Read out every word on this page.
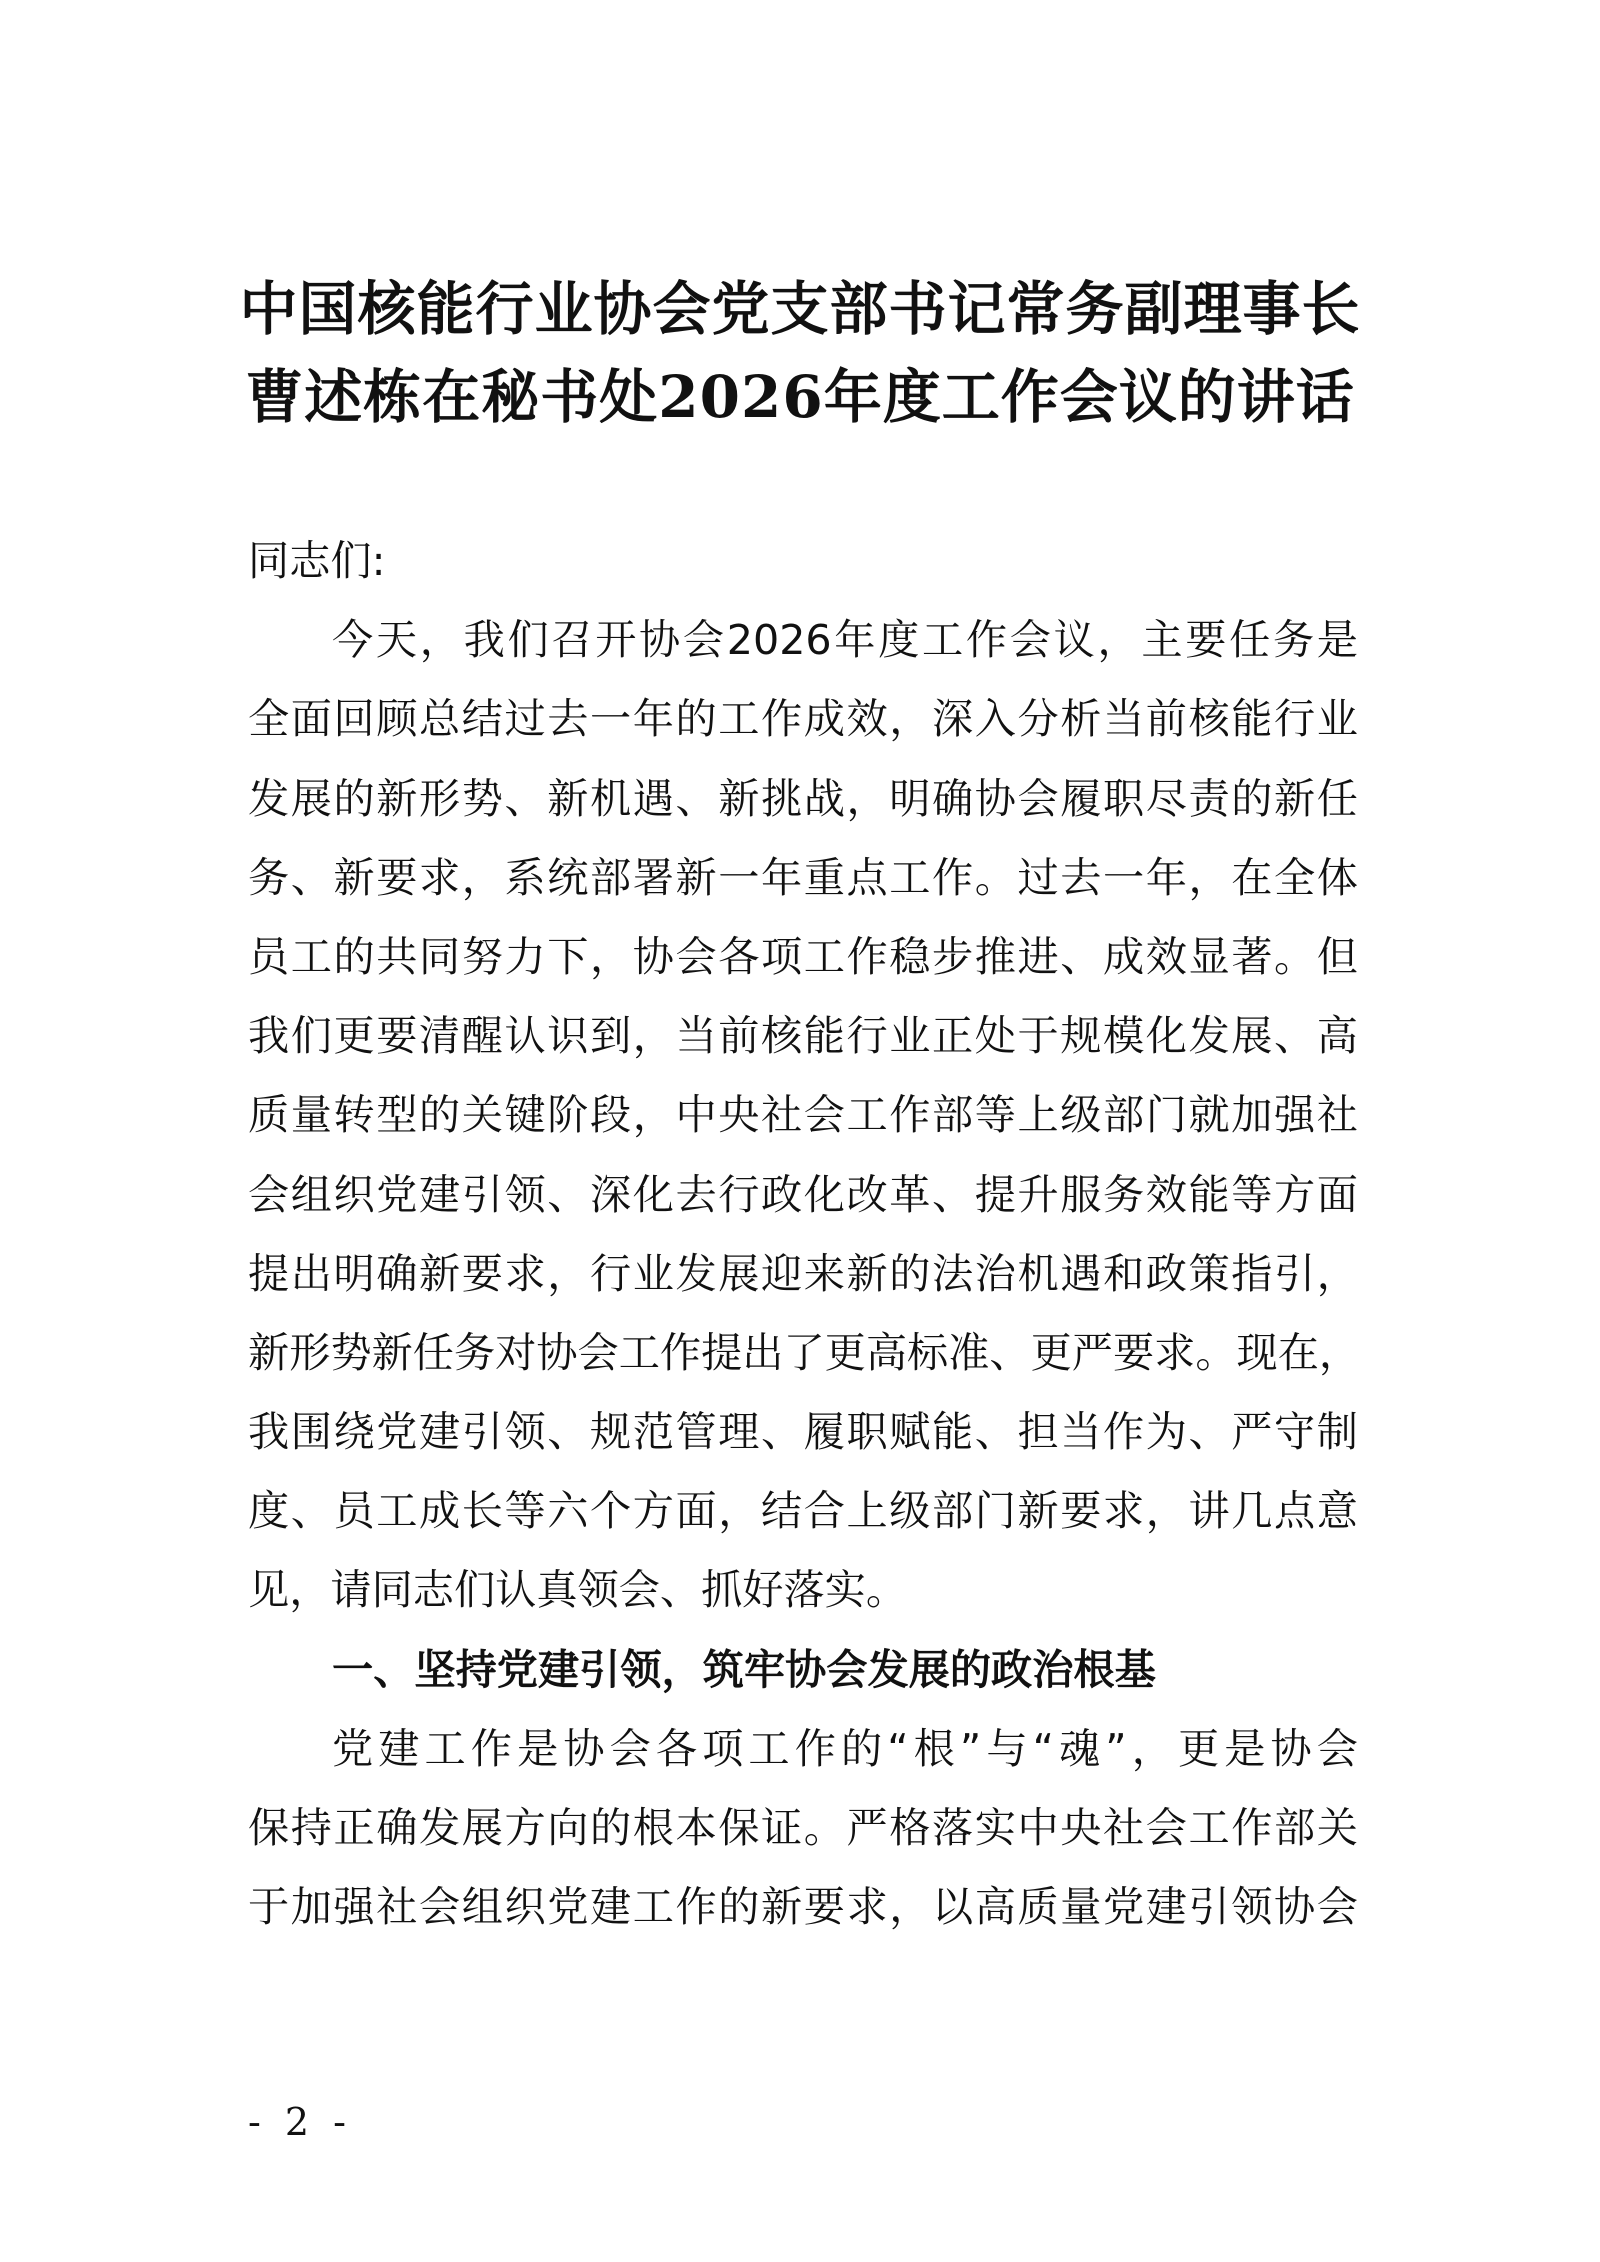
中国核能行业协会党支部书记常务副理事长
曹述栋在秘书处2026年度工作会议的讲话
同志们:
今天，我们召开协会2026年度工作会议，主要任务是
全面回顾总结过去一年的工作成效，深入分析当前核能行业
发展的新形势、新机遇、新挑战，明确协会履职尽责的新任
务、新要求，系统部署新一年重点工作。过去一年，在全体
员工的共同努力下，协会各项工作稳步推进、成效显著。但
我们更要清醒认识到，当前核能行业正处于规模化发展、高
质量转型的关键阶段，中央社会工作部等上级部门就加强社
会组织党建引领、深化去行政化改革、提升服务效能等方面
提出明确新要求，行业发展迎来新的法治机遇和政策指引，
新形势新任务对协会工作提出了更高标准、更严要求。现在，
我围绕党建引领、规范管理、履职赋能、担当作为、严守制
度、员工成长等六个方面，结合上级部门新要求，讲几点意
见，请同志们认真领会、抓好落实。
一、坚持党建引领，筑牢协会发展的政治根基
党建工作是协会各项工作的“根”与“魂”，更是协会
保持正确发展方向的根本保证。严格落实中央社会工作部关
于加强社会组织党建工作的新要求，以高质量党建引领协会
- 2 -
